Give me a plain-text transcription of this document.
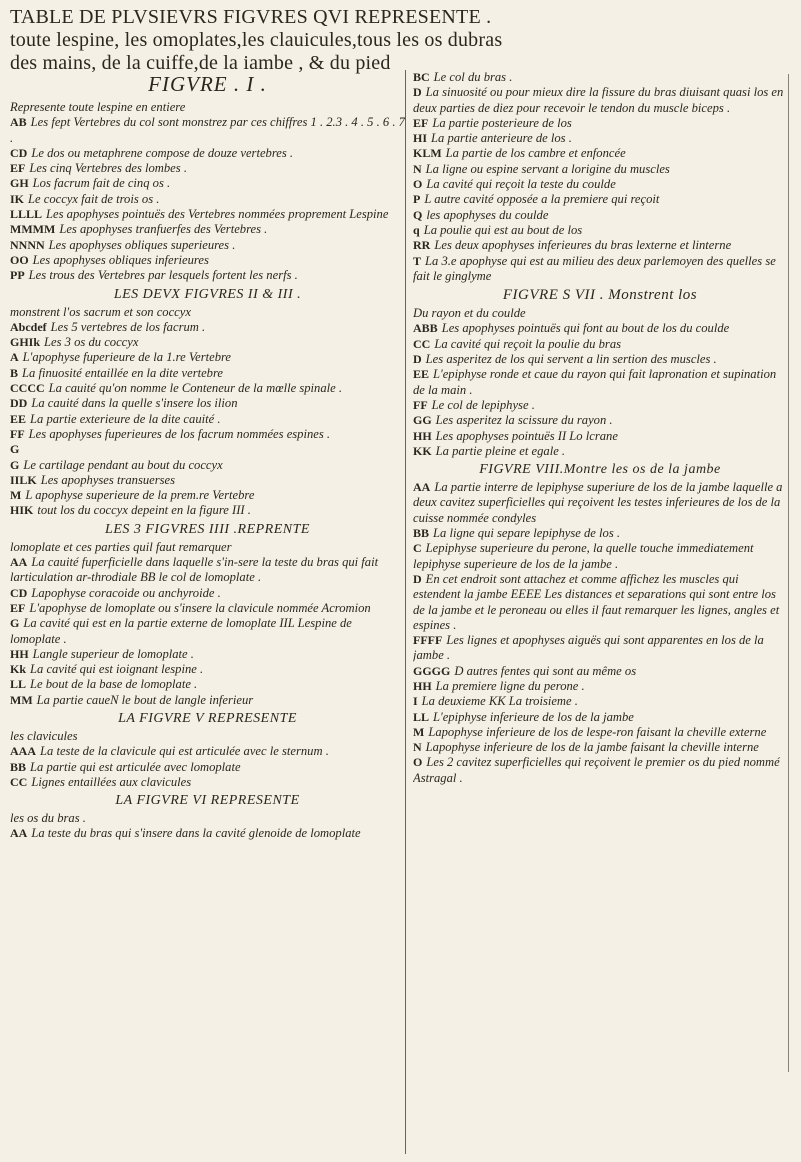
TABLE DE PLVSIEVRS FIGVRES QVI REPRESENTE .
toute lespine, les omoplates,les clauicules,tous les os dubras
des mains, de la cuiffe,de la iambe , & du pied
FIGVRE . I .

Represente toute lespine en entiere

AB Les fept Vertebres du col sont monstrez par ces chiffres 1 . 2.3 . 4 . 5 . 6 . 7 .

CD Le dos ou metaphrene compose de douze vertebres .

EF Les cinq Vertebres des lombes .

GH Los facrum fait de cinq os .

IK Le coccyx fait de trois os .

LLLL Les apophyses pointuës des Vertebres nommées proprement Lespine

MMMM Les apophyses tranfuerfes des Vertebres .

NNNN Les apophyses obliques superieures .

OO Les apophyses obliques inferieures

PP Les trous des Vertebres par lesquels fortent les nerfs .

LES DEVX FIGVRES II & III .

monstrent l'os sacrum et son coccyx

Abcdef Les 5 vertebres de los facrum .

GHIk Les 3 os du coccyx

A L'apophyse fuperieure de la 1.re Vertebre

B La finuosité entaillée en la dite vertebre

CCCC La cauité qu'on nomme le Conteneur de la mœlle spinale .

DD La cauité dans la quelle s'insere los ilion

EE La partie exterieure de la dite cauité .

FF Les apophyses fuperieures de los facrum nommées espines .

G

G Le cartilage pendant au bout du coccyx

IILK Les apophyses transuerses

M L apophyse superieure de la prem.re Vertebre

HIK tout los du coccyx depeint en la figure III .

LES 3 FIGVRES IIII .REPRENTE

lomoplate et ces parties quil faut remarquer

AA La cauité fuperficielle dans laquelle s'in-sere la teste du bras qui fait larticulation ar-throdiale BB le col de lomoplate .

CD Lapophyse coracoide ou anchyroide .

EF L'apophyse de lomoplate ou s'insere la clavicule nommée Acromion

G La cavité qui est en la partie externe de lomoplate IIL Lespine de lomoplate .

HH Langle superieur de lomoplate .

Kk La cavité qui est ioignant lespine .

LL Le bout de la base de lomoplate .

MM La partie caueN le bout de langle inferieur

LA FIGVRE V REPRESENTE

les clavicules

AAA La teste de la clavicule qui est articulée avec le sternum .

BB La partie qui est articulée avec lomoplate

CC Lignes entaillées aux clavicules

LA FIGVRE VI REPRESENTE

les os du bras .

AA La teste du bras qui s'insere dans la cavité glenoide de lomoplate

BC Le col du bras .

D La sinuosité ou pour mieux dire la fissure du bras diuisant quasi los en deux parties de diez pour recevoir le tendon du muscle biceps .

EF La partie posterieure de los

HI La partie anterieure de los .

KLM La partie de los cambre et enfoncée

N La ligne ou espine servant a lorigine du muscles

O La cavité qui reçoit la teste du coulde

P L autre cavité opposée a la premiere qui reçoit

Q les apophyses du coulde

q La poulie qui est au bout de los

RR Les deux apophyses inferieures du bras lexterne et linterne

T La 3.e apophyse qui est au milieu des deux parlemoyen des quelles se fait le ginglyme

FIGVRE S VII . Monstrent los

Du rayon et du coulde

ABB Les apophyses pointuës qui font au bout de los du coulde

CC La cavité qui reçoit la poulie du bras

D Les asperitez de los qui servent a lin sertion des muscles .

EE L'epiphyse ronde et caue du rayon qui fait lapronation et supination de la main .

FF Le col de lepiphyse .

GG Les asperitez la scissure du rayon .

HH Les apophyses pointuës II Lo lcrane

KK La partie pleine et egale .

FIGVRE VIII.Montre les os de la jambe

AA La partie interre de lepiphyse superiure de los de la jambe laquelle a deux cavitez superficielles qui reçoivent les testes inferieures de los de la cuisse nommée condyles

BB La ligne qui separe lepiphyse de los .

C Lepiphyse superieure du perone, la quelle touche immediatement lepiphyse superieure de los de la jambe .

D En cet endroit sont attachez et comme affichez les muscles qui estendent la jambe EEEE Les distances et separations qui sont entre los de la jambe et le peroneau ou elles il faut remarquer les lignes, angles et espines .

FFFF Les lignes et apophyses aiguës qui sont apparentes en los de la jambe .

GGGG D autres fentes qui sont au même os

HH La premiere ligne du perone .

I La deuxieme KK La troisieme .

LL L'epiphyse inferieure de los de la jambe

M Lapophyse inferieure de los de lespe-ron faisant la cheville externe

N Lapophyse inferieure de los de la jambe faisant la cheville interne

O Les 2 cavitez superficielles qui reçoivent le premier os du pied nommé Astragal .
